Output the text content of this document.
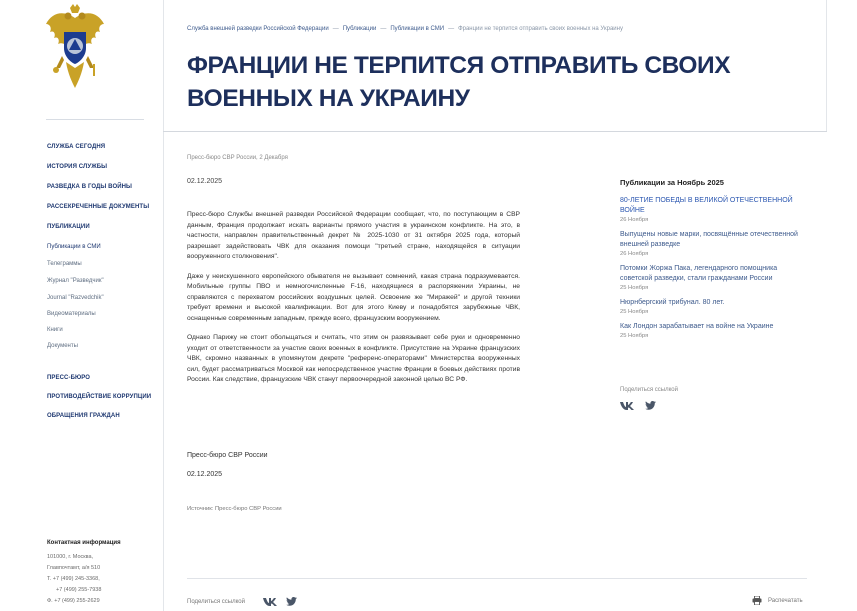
СЛУЖБА СЕГОДНЯ
ИСТОРИЯ СЛУЖБЫ
РАЗВЕДКА В ГОДЫ ВОЙНЫ
РАССЕКРЕЧЕННЫЕ ДОКУМЕНТЫ
ПУБЛИКАЦИИ
Публикации в СМИ
Телеграммы
Журнал "Разведчик"
Journal "Razvedchik"
Видеоматериалы
Книги
Документы
ПРЕСС-БЮРО
ПРОТИВОДЕЙСТВИЕ КОРРУПЦИИ
ОБРАЩЕНИЯ ГРАЖДАН
Контактная информация
101000, г. Москва,
Главпочтамт, а/я 510
Т. +7 (499) 245-3368,
+7 (499) 255-7938
Ф. +7 (499) 255-2629
Служба внешней разведки Российской Федерации — Публикации — Публикации в СМИ — Франции не терпится отправить своих военных на Украину
ФРАНЦИИ НЕ ТЕРПИТСЯ ОТПРАВИТЬ СВОИХ ВОЕННЫХ НА УКРАИНУ
Пресс-бюро СВР России, 2 Декабря
02.12.2025

Пресс-бюро Службы внешней разведки Российской Федерации сообщает, что, по поступающим в СВР данным, Франция продолжает искать варианты прямого участия в украинском конфликте. На это, в частности, направлен правительственный декрет № 2025-1030 от 31 октября 2025 года, который разрешает задействовать ЧВК для оказания помощи "третьей стране, находящейся в ситуации вооруженного столкновения".

Даже у неискушенного европейского обывателя не вызывает сомнений, какая страна подразумевается. Мобильные группы ПВО и немногочисленные F-16, находящиеся в распоряжении Украины, не справляются с перехватом российских воздушных целей. Освоение же "Миражей" и другой техники требует времени и высокой квалификации. Вот для этого Киеву и понадобятся зарубежные ЧВК, оснащенные современным западным, прежде всего, французским вооружением.

Однако Парижу не стоит обольщаться и считать, что этим он развязывает себе руки и одновременно уходит от ответственности за участие своих военных в конфликте. Присутствие на Украине французских ЧВК, скромно названных в упомянутом декрете "референс-операторами" Министерства вооруженных сил, будет рассматриваться Москвой как непосредственное участие Франции в боевых действиях против России. Как следствие, французские ЧВК станут первоочередной законной целью ВС РФ.

Пресс-бюро СВР России
02.12.2025
Источник: Пресс-бюро СВР России
Поделиться ссылкой	Распечатать
Публикации за Ноябрь 2025
80-ЛЕТИЕ ПОБЕДЫ В ВЕЛИКОЙ ОТЕЧЕСТВЕННОЙ ВОЙНЕ
26 Ноября
Выпущены новые марки, посвящённые отечественной внешней разведке
26 Ноября
Потомки Жоржа Пака, легендарного помощника советской разведки, стали гражданами России
25 Ноября
Нюрнбергский трибунал. 80 лет.
25 Ноября
Как Лондон зарабатывает на войне на Украине
25 Ноября
Поделиться ссылкой
